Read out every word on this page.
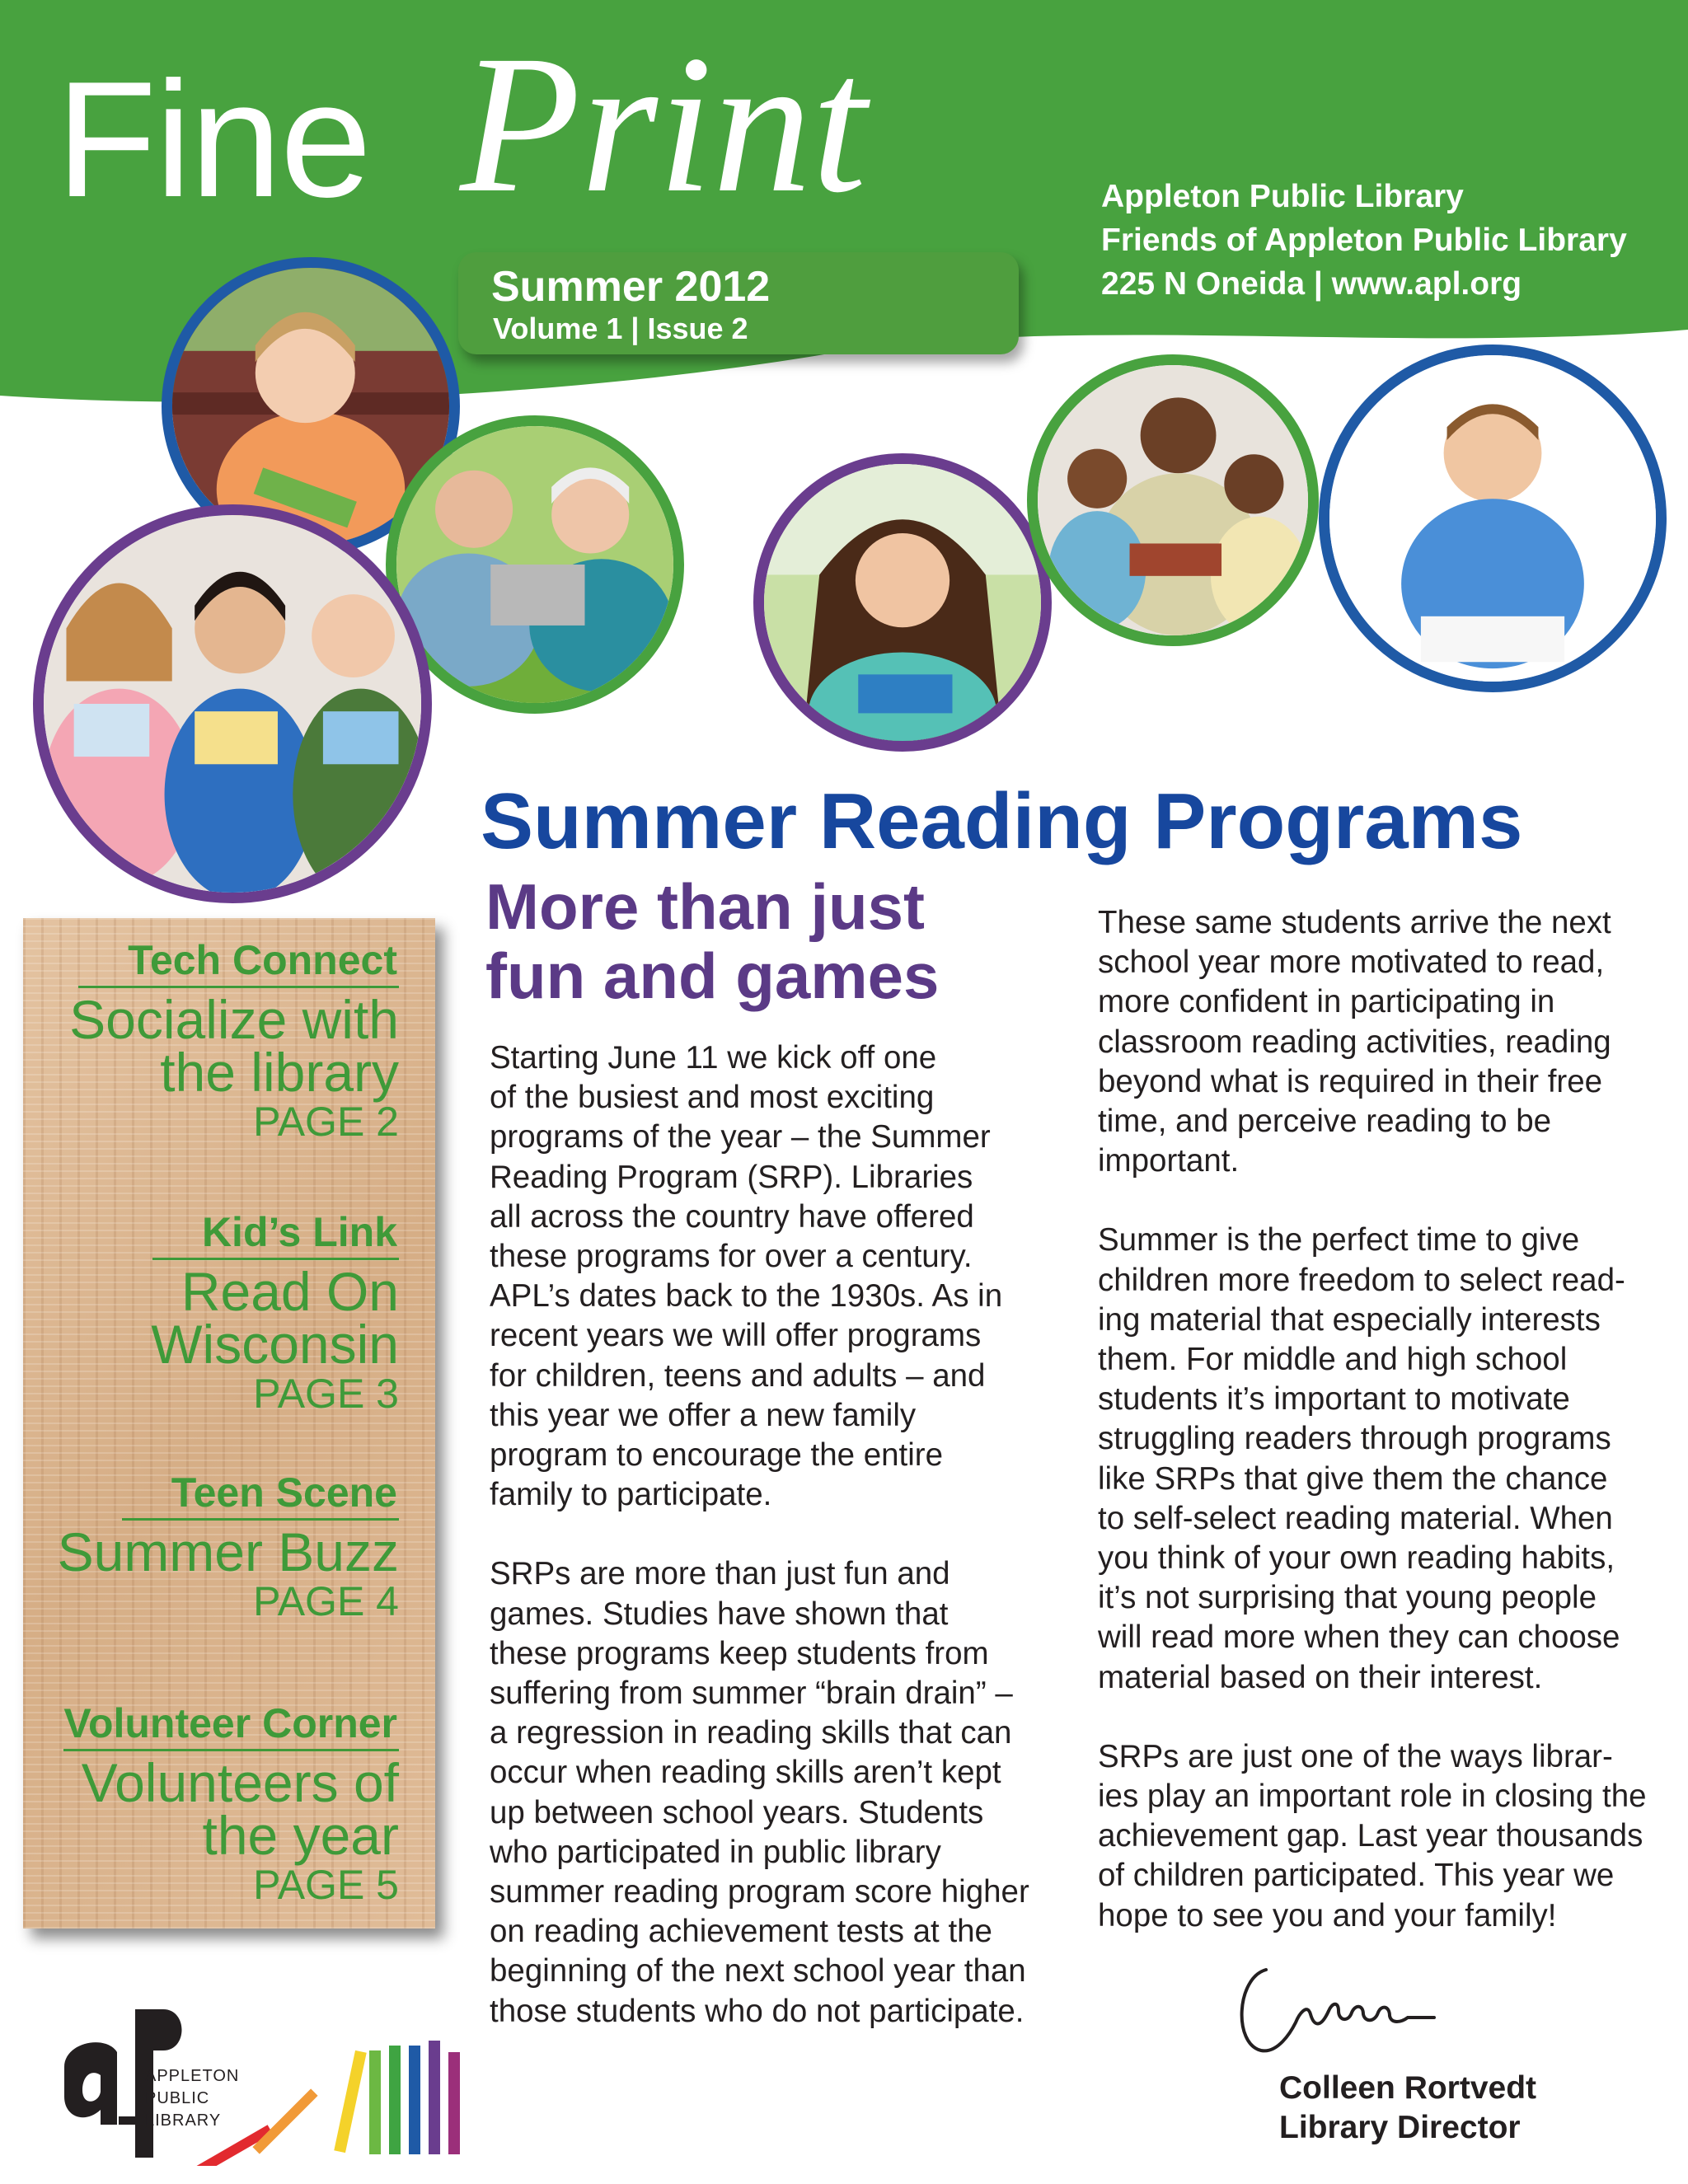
Fine Print
Summer 2012
Volume 1 | Issue 2
Appleton Public Library
Friends of Appleton Public Library
225 N Oneida | www.apl.org
Summer Reading Programs
More than just
fun and games

Starting June 11 we kick off one
of the busiest and most exciting
programs of the year – the Summer
Reading Program (SRP). Libraries
all across the country have offered
these programs for over a century.
APL’s dates back to the 1930s. As in
recent years we will offer programs
for children, teens and adults – and
this year we offer a new family
program to encourage the entire
family to participate.

SRPs are more than just fun and
games. Studies have shown that
these programs keep students from
suffering from summer “brain drain” –
a regression in reading skills that can
occur when reading skills aren’t kept
up between school years. Students
who participated in public library
summer reading program score higher
on reading achievement tests at the
beginning of the next school year than
those students who do not participate.

These same students arrive the next
school year more motivated to read,
more confident in participating in
classroom reading activities, reading
beyond what is required in their free
time, and perceive reading to be
important.

Summer is the perfect time to give
children more freedom to select read-
ing material that especially interests
them. For middle and high school
students it’s important to motivate
struggling readers through programs
like SRPs that give them the chance
to self-select reading material. When
you think of your own reading habits,
it’s not surprising that young people
will read more when they can choose
material based on their interest.

SRPs are just one of the ways librar-
ies play an important role in closing the
achievement gap. Last year thousands
of children participated. This year we
hope to see you and your family!

Tech Connect
Socialize with
the library
PAGE 2
Kid’s Link
Read On
Wisconsin
PAGE 3
Teen Scene
Summer Buzz
PAGE 4
Volunteer Corner
Volunteers of
the year
PAGE 5
Colleen Rortvedt
Library Director
APPLETON
PUBLIC
LIBRARY
